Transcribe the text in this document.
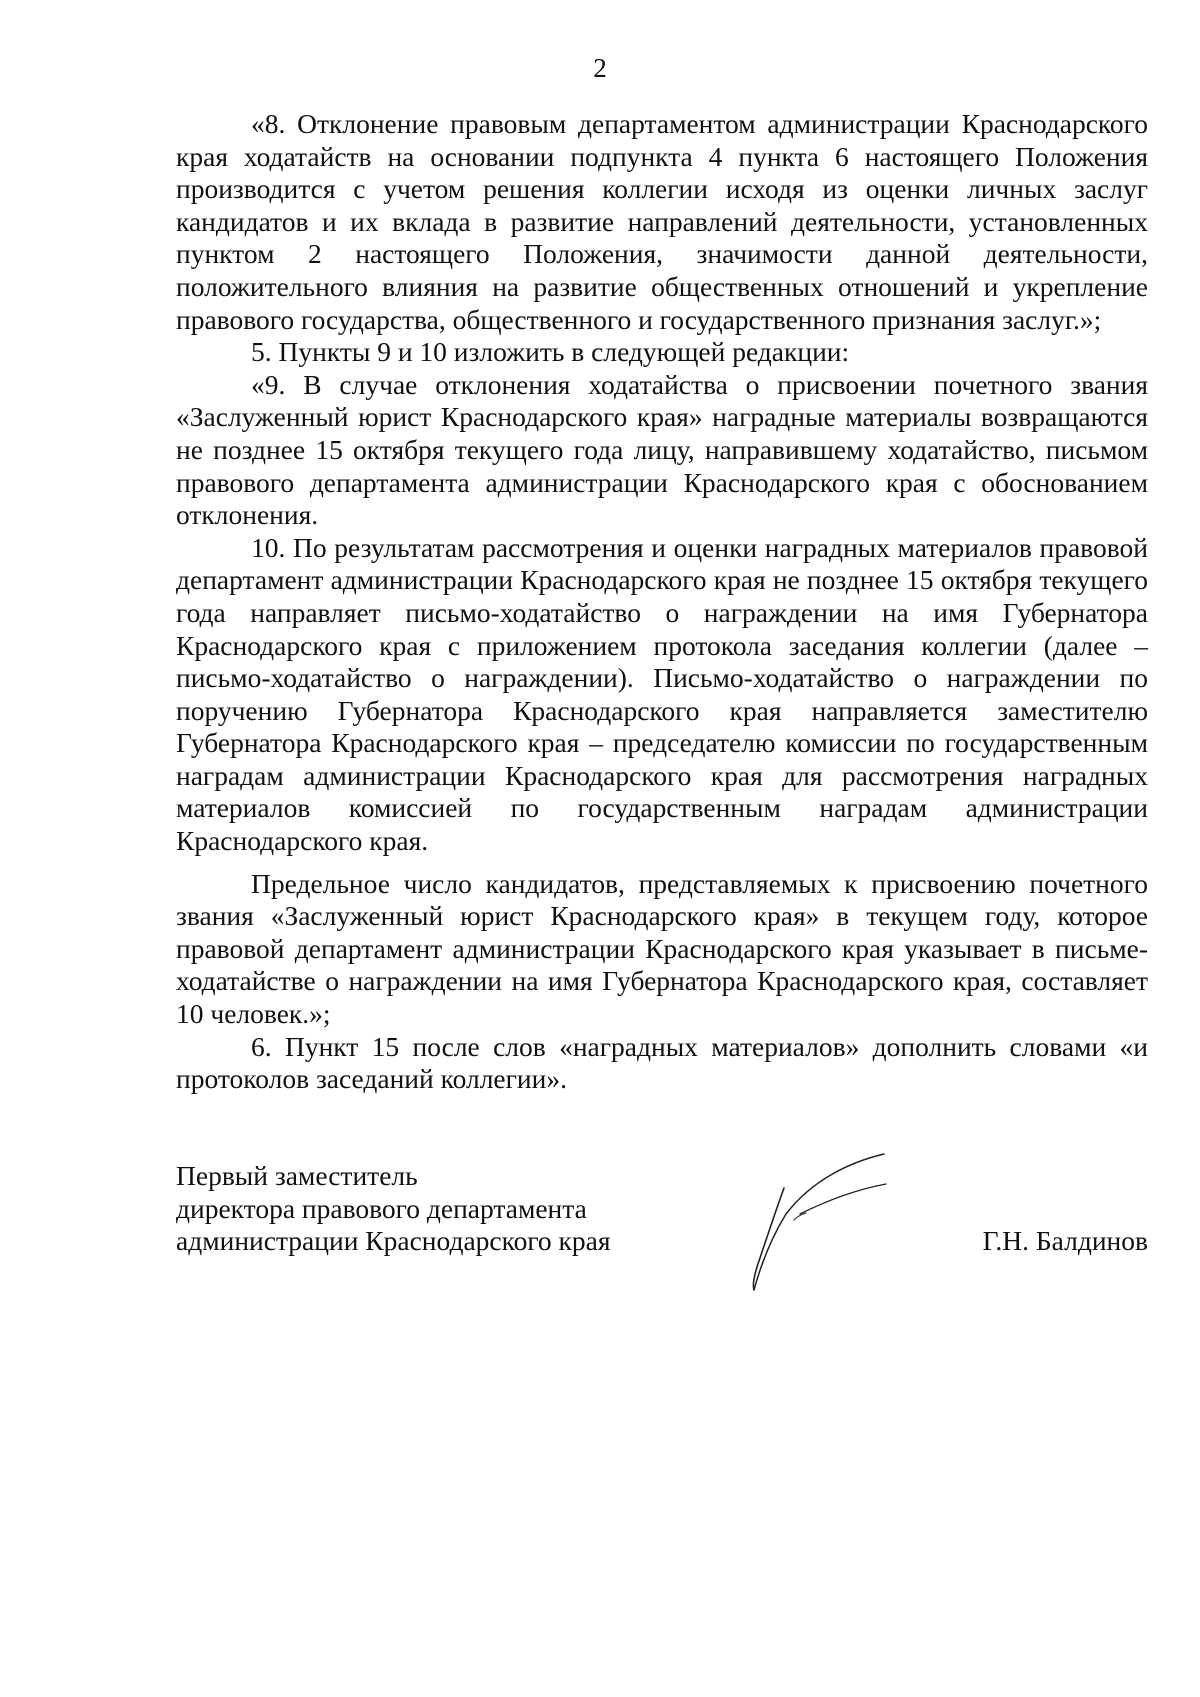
2

«8. Отклонение правовым департаментом администрации Краснодарского края ходатайств на основании подпункта 4 пункта 6 настоящего Положения производится с учетом решения коллегии исходя из оценки личных заслуг кандидатов и их вклада в развитие направлений деятельности, установленных пунктом 2 настоящего Положения, значимости данной деятельности, положительного влияния на развитие общественных отношений и укрепление правового государства, общественного и государственного признания заслуг.»;

5. Пункты 9 и 10 изложить в следующей редакции:

«9. В случае отклонения ходатайства о присвоении почетного звания «Заслуженный юрист Краснодарского края» наградные материалы возвращаются не позднее 15 октября текущего года лицу, направившему ходатайство, письмом правового департамента администрации Краснодарского края с обоснованием отклонения.

10. По результатам рассмотрения и оценки наградных материалов правовой департамент администрации Краснодарского края не позднее 15 октября текущего года направляет письмо-ходатайство о награждении на имя Губернатора Краснодарского края с приложением протокола заседания коллегии (далее – письмо-ходатайство о награждении). Письмо-ходатайство о награждении по поручению Губернатора Краснодарского края направляется заместителю Губернатора Краснодарского края – председателю комиссии по государственным наградам администрации Краснодарского края для рассмотрения наградных материалов комиссией по государственным наградам администрации Краснодарского края.

Предельное число кандидатов, представляемых к присвоению почетного звания «Заслуженный юрист Краснодарского края» в текущем году, которое правовой департамент администрации Краснодарского края указывает в письме-ходатайстве о награждении на имя Губернатора Краснодарского края, составляет 10 человек.»;

6. Пункт 15 после слов «наградных материалов» дополнить словами «и протоколов заседаний коллегии».

Первый заместитель
директора правового департамента
администрации Краснодарского края	Г.Н. Балдинов
